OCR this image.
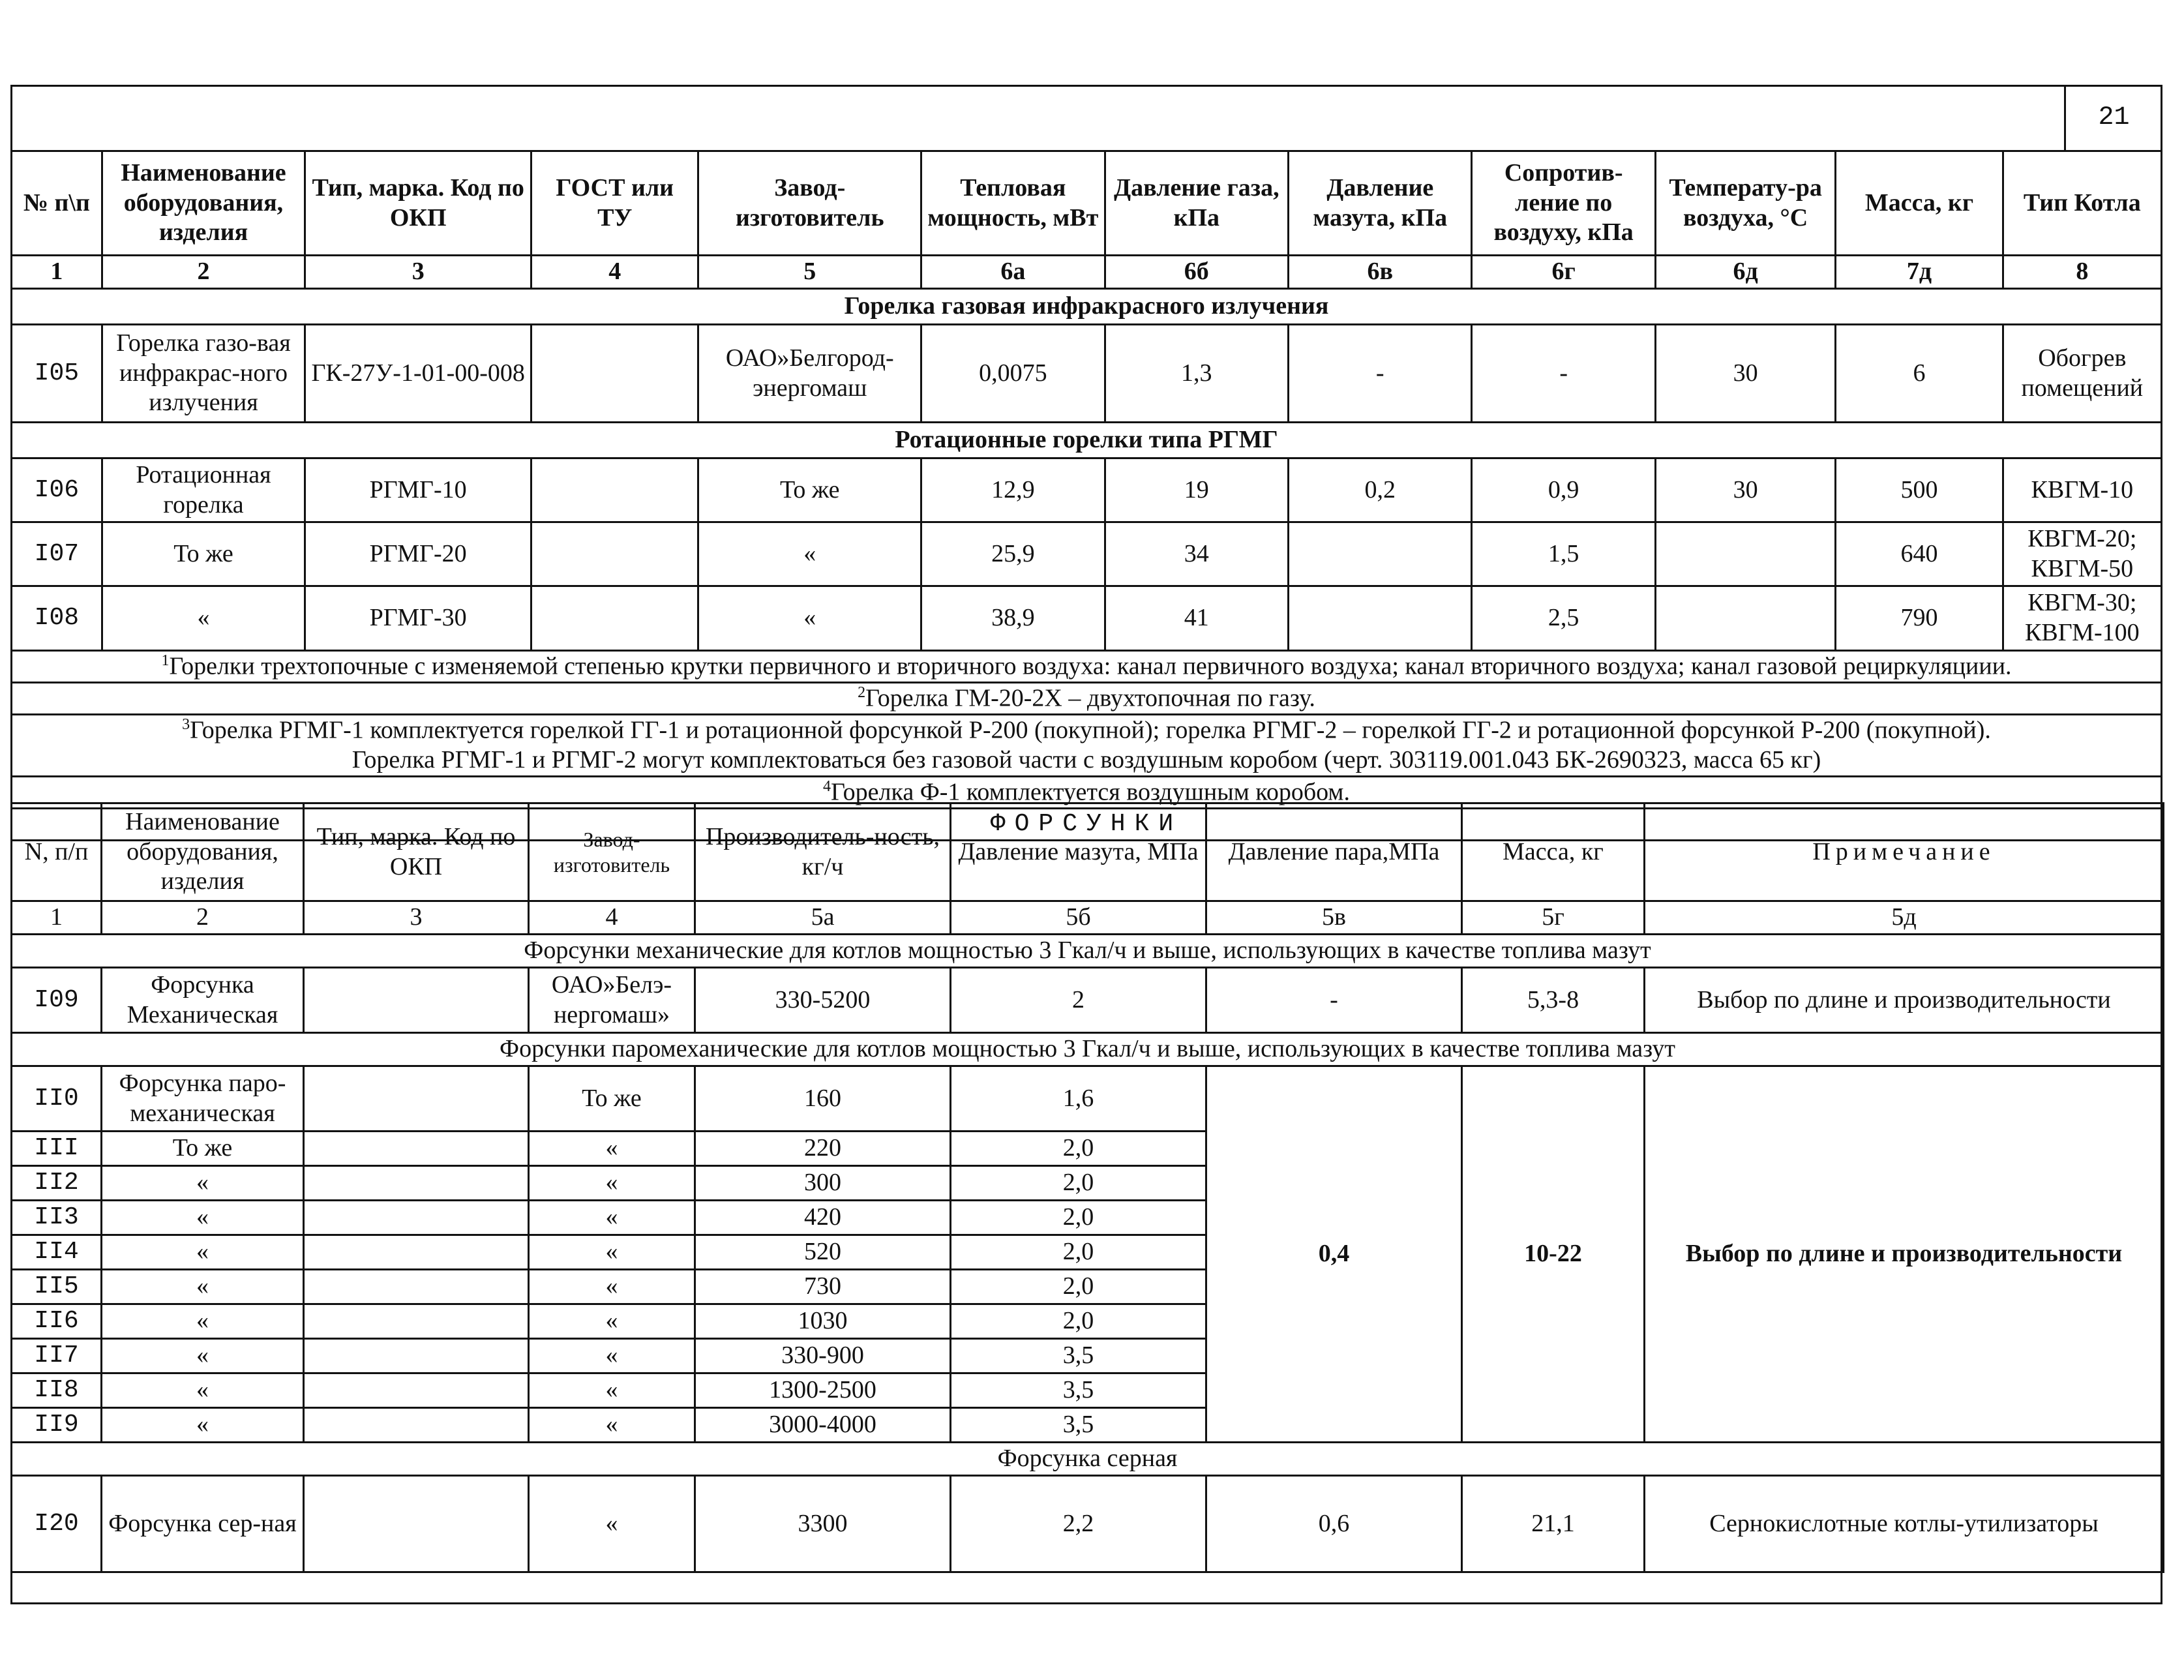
21
№ п\п	Наименование оборудования, изделия	Тип, марка. Код по ОКП	ГОСТ или ТУ	Завод-изготовитель	Тепловая мощность, мВт	Давление газа, кПа	Давление мазута, кПа	Сопротив-ление по воздуху, кПа	Температу-ра воздуха, °С	Масса, кг	Тип Котла
1	2	3	4	5	6а	6б	6в	6г	6д	7д	8
Горелка газовая инфракрасного излучения											
I05	Горелка газо-вая инфракрас-ного излучения	ГК-27У-1-01-00-008		ОАО»Белгород-энергомаш	0,0075	1,3	-	-	30	6	Обогрев помещений
Ротационные горелки типа РГМГ											
I06	Ротационная горелка	РГМГ-10		То же	12,9	19	0,2	0,9	30	500	КВГМ-10
I07	То же	РГМГ-20		«	25,9	34		1,5		640	КВГМ-20; КВГМ-50
I08	«	РГМГ-30		«	38,9	41		2,5		790	КВГМ-30; КВГМ-100
$^1$Горелки трехтопочные с изменяемой степенью крутки первичного и вторичного воздуха: канал первичного воздуха; канал вторичного воздуха; канал газовой рециркуляциии.											
$^2$Горелка ГМ-20-2Х – двухтопочная по газу.											
$^3$Горелка РГМГ-1 комплектуется горелкой ГГ-1 и ротационной форсункой Р-200 (покупной); горелка РГМГ-2 – горелкой ГГ-2 и ротационной форсункой Р-200 (покупной).
Горелка РГМГ-1 и РГМГ-2 могут комплектоваться без газовой части с воздушным коробом (черт. 303119.001.043 БК-2690323, масса 65 кг)											
$^4$Горелка Ф-1 комплектуется воздушным коробом.											
ФОРСУНКИ											
N, п/п	Наименование оборудования, изделия	Тип, марка. Код по ОКП	Завод-изготовитель	Производитель-ность, кг/ч	Давление мазута, МПа	Давление пара,МПа	Масса, кг	Примечание
1	2	3	4	5а	5б	5в	5г	5д
Форсунки механические для котлов мощностью 3 Гкал/ч и выше, использующих в качестве топлива мазут								
I09	Форсунка Механическая		ОАО»Белэ-нергомаш»	330-5200	2	-	5,3-8	Выбор по длине и производительности
Форсунки паромеханические для котлов мощностью 3 Гкал/ч и выше, использующих в качестве топлива мазут								
II0	Форсунка паро-механическая		То же	160	1,6	0,4	10-22	Выбор по длине и производительности
III	То же		«	220	2,0			
II2	«		«	300	2,0			
II3	«		«	420	2,0			
II4	«		«	520	2,0			
II5	«		«	730	2,0			
II6	«		«	1030	2,0			
II7	«		«	330-900	3,5			
II8	«		«	1300-2500	3,5			
II9	«		«	3000-4000	3,5			
Форсунка серная								
I20	Форсунка сер-ная		«	3300	2,2	0,6	21,1	Сернокислотные котлы-утилизаторы
